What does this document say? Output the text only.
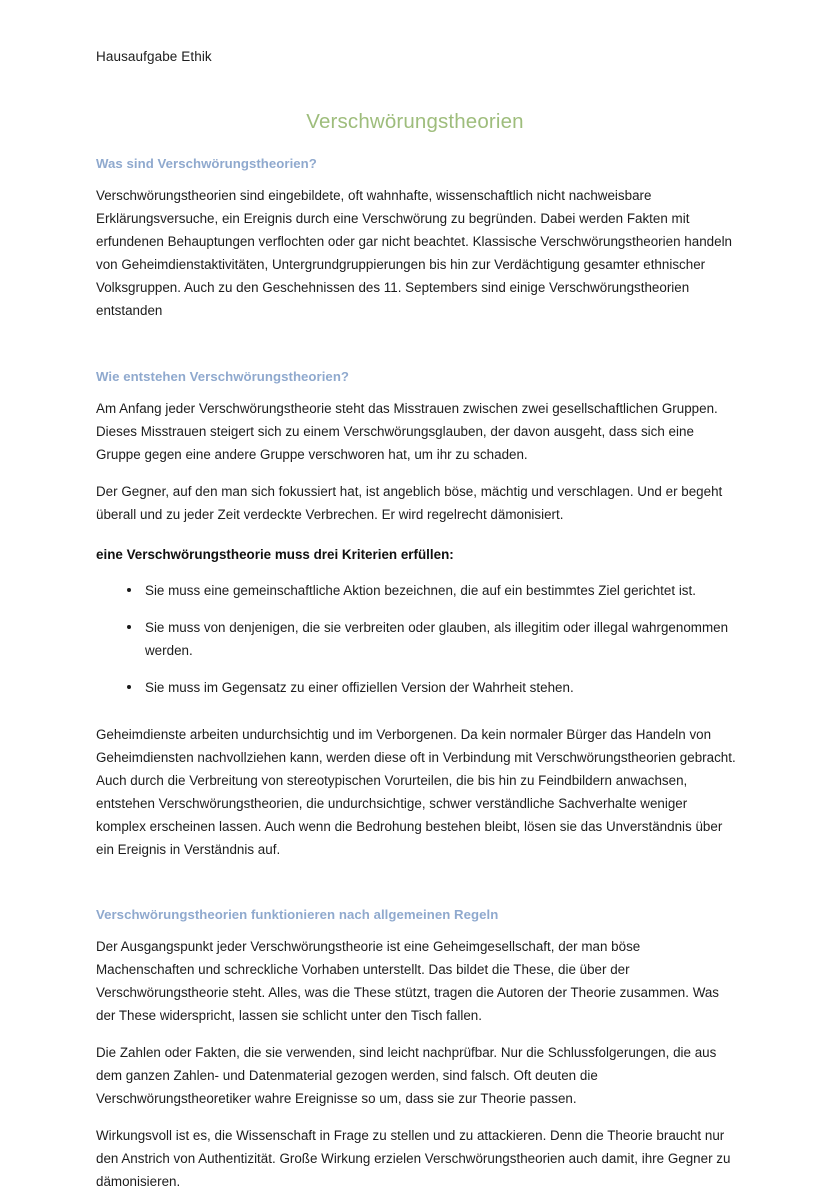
Hausaufgabe Ethik
Verschwörungstheorien
Was sind Verschwörungstheorien?

Verschwörungstheorien sind eingebildete, oft wahnhafte, wissenschaftlich nicht nachweisbare Erklärungsversuche, ein Ereignis durch eine Verschwörung zu begründen. Dabei werden Fakten mit erfundenen Behauptungen verflochten oder gar nicht beachtet. Klassische Verschwörungstheorien handeln von Geheimdienstaktivitäten, Untergrundgruppierungen bis hin zur Verdächtigung gesamter ethnischer Volksgruppen. Auch zu den Geschehnissen des 11. Septembers sind einige Verschwörungstheorien entstanden

Wie entstehen Verschwörungstheorien?

Am Anfang jeder Verschwörungstheorie steht das Misstrauen zwischen zwei gesellschaftlichen Gruppen. Dieses Misstrauen steigert sich zu einem Verschwörungsglauben, der davon ausgeht, dass sich eine Gruppe gegen eine andere Gruppe verschworen hat, um ihr zu schaden.

Der Gegner, auf den man sich fokussiert hat, ist angeblich böse, mächtig und verschlagen. Und er begeht überall und zu jeder Zeit verdeckte Verbrechen. Er wird regelrecht dämonisiert.

eine Verschwörungstheorie muss drei Kriterien erfüllen:

Sie muss eine gemeinschaftliche Aktion bezeichnen, die auf ein bestimmtes Ziel gerichtet ist.
Sie muss von denjenigen, die sie verbreiten oder glauben, als illegitim oder illegal wahrgenommen werden.
Sie muss im Gegensatz zu einer offiziellen Version der Wahrheit stehen.

Geheimdienste arbeiten undurchsichtig und im Verborgenen. Da kein normaler Bürger das Handeln von Geheimdiensten nachvollziehen kann, werden diese oft in Verbindung mit Verschwörungstheorien gebracht. Auch durch die Verbreitung von stereotypischen Vorurteilen, die bis hin zu Feindbildern anwachsen, entstehen Verschwörungstheorien, die undurchsichtige, schwer verständliche Sachverhalte weniger komplex erscheinen lassen. Auch wenn die Bedrohung bestehen bleibt, lösen sie das Unverständnis über ein Ereignis in Verständnis auf.

Verschwörungstheorien funktionieren nach allgemeinen Regeln

Der Ausgangspunkt jeder Verschwörungstheorie ist eine Geheimgesellschaft, der man böse Machenschaften und schreckliche Vorhaben unterstellt. Das bildet die These, die über der Verschwörungstheorie steht. Alles, was die These stützt, tragen die Autoren der Theorie zusammen. Was der These widerspricht, lassen sie schlicht unter den Tisch fallen.

Die Zahlen oder Fakten, die sie verwenden, sind leicht nachprüfbar. Nur die Schlussfolgerungen, die aus dem ganzen Zahlen- und Datenmaterial gezogen werden, sind falsch. Oft deuten die Verschwörungstheoretiker wahre Ereignisse so um, dass sie zur Theorie passen.

Wirkungsvoll ist es, die Wissenschaft in Frage zu stellen und zu attackieren. Denn die Theorie braucht nur den Anstrich von Authentizität. Große Wirkung erzielen Verschwörungstheorien auch damit, ihre Gegner zu dämonisieren.
